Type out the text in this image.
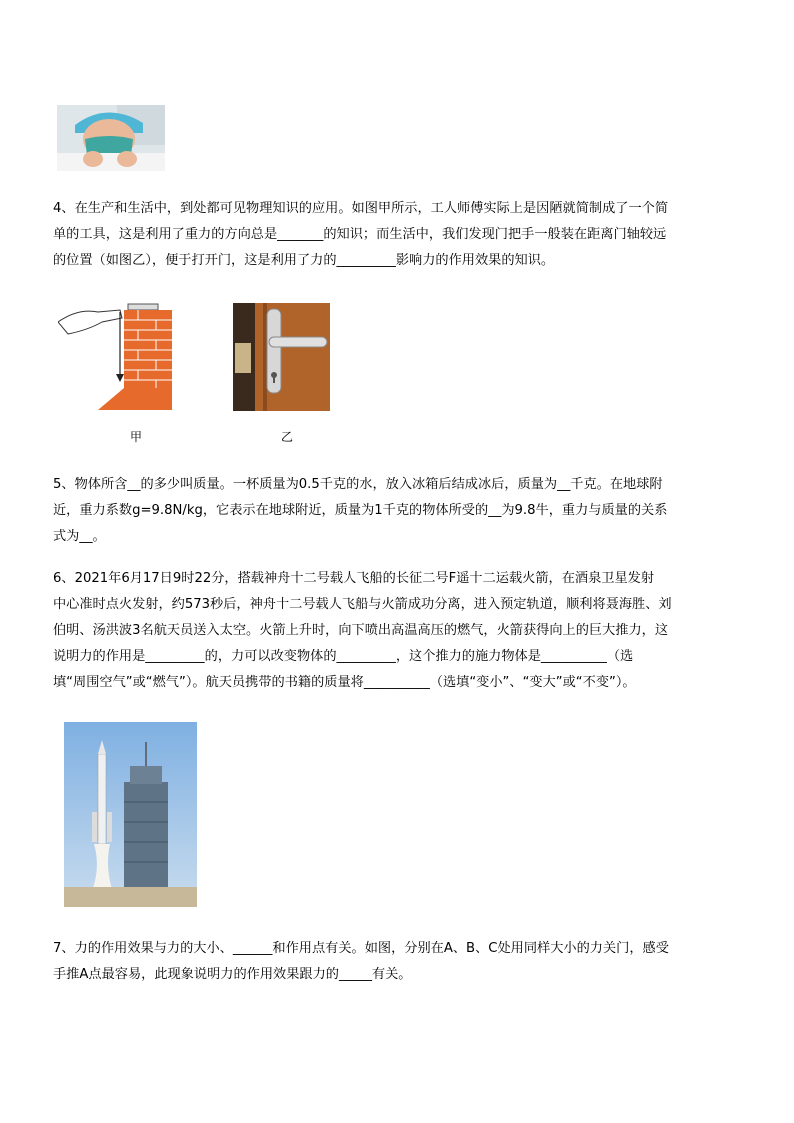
4、在生产和生活中，到处都可见物理知识的应用。如图甲所示，工人师傅实际上是因陋就简制成了一个简

单的工具，这是利用了重力的方向总是_______的知识；而生活中，我们发现门把手一般装在距离门轴较远

的位置（如图乙），便于打开门，这是利用了力的_________影响力的作用效果的知识。

甲	乙

5、物体所含__的多少叫质量。一杯质量为0.5千克的水，放入冰箱后结成冰后，质量为__千克。在地球附

近，重力系数g=9.8N/kg，它表示在地球附近，质量为1千克的物体所受的__为9.8牛，重力与质量的关系

式为__。

6、2021年6月17日9时22分，搭载神舟十二号载人飞船的长征二号F遥十二运载火箭，在酒泉卫星发射

中心准时点火发射，约573秒后，神舟十二号载人飞船与火箭成功分离，进入预定轨道，顺利将聂海胜、刘

伯明、汤洪波3名航天员送入太空。火箭上升时，向下喷出高温高压的燃气，火箭获得向上的巨大推力，这

说明力的作用是_________的，力可以改变物体的_________，这个推力的施力物体是__________（选

填“周围空气”或“燃气”）。航天员携带的书籍的质量将__________（选填“变小”、“变大”或“不变”）。

7、力的作用效果与力的大小、______和作用点有关。如图，分别在A、B、C处用同样大小的力关门，感受

手推A点最容易，此现象说明力的作用效果跟力的_____有关。
